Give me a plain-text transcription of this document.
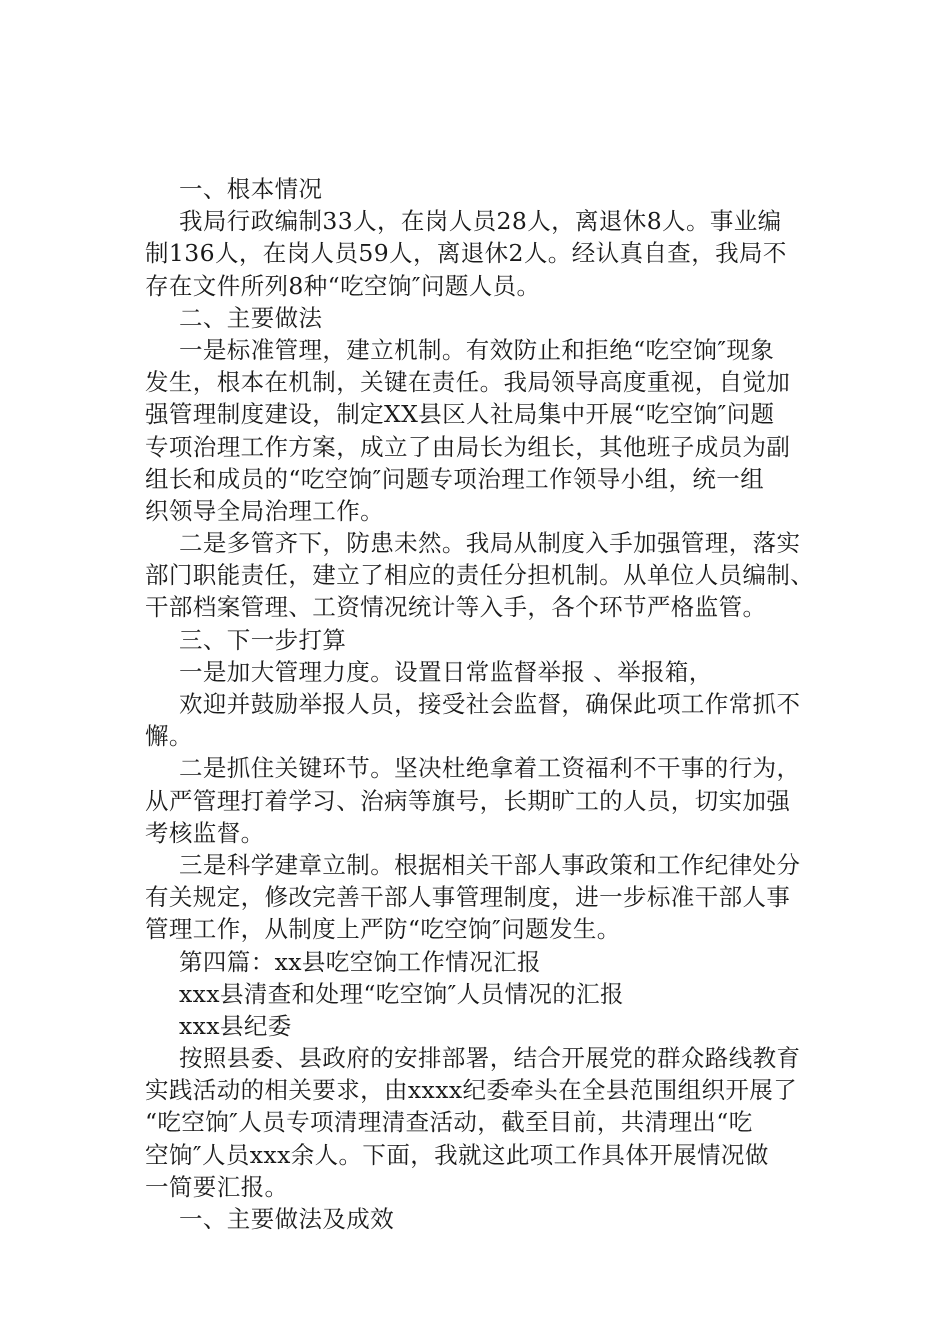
一、根本情况
我局行政编制33人，在岗人员28人，离退休8人。事业编
制136人，在岗人员59人，离退休2人。经认真自查，我局不
存在文件所列8种“吃空饷″问题人员。
二、主要做法
一是标准管理，建立机制。有效防止和拒绝“吃空饷″现象
发生，根本在机制，关键在责任。我局领导高度重视，自觉加
强管理制度建设，制定XX县区人社局集中开展“吃空饷″问题
专项治理工作方案，成立了由局长为组长，其他班子成员为副
组长和成员的“吃空饷″问题专项治理工作领导小组，统一组
织领导全局治理工作。
二是多管齐下，防患未然。我局从制度入手加强管理，落实
部门职能责任，建立了相应的责任分担机制。从单位人员编制、
干部档案管理、工资情况统计等入手，各个环节严格监管。
三、下一步打算
一是加大管理力度。设置日常监督举报 、举报箱，
欢迎并鼓励举报人员，接受社会监督，确保此项工作常抓不
懈。
二是抓住关键环节。坚决杜绝拿着工资福利不干事的行为，
从严管理打着学习、治病等旗号，长期旷工的人员，切实加强
考核监督。
三是科学建章立制。根据相关干部人事政策和工作纪律处分
有关规定，修改完善干部人事管理制度，进一步标准干部人事
管理工作，从制度上严防“吃空饷″问题发生。
第四篇：xx县吃空饷工作情况汇报
xxx县清查和处理“吃空饷″人员情况的汇报
xxx县纪委
按照县委、县政府的安排部署，结合开展党的群众路线教育
实践活动的相关要求，由xxxx纪委牵头在全县范围组织开展了
“吃空饷″人员专项清理清查活动，截至目前，共清理出“吃
空饷″人员xxx余人。下面，我就这此项工作具体开展情况做
一简要汇报。
一、主要做法及成效
